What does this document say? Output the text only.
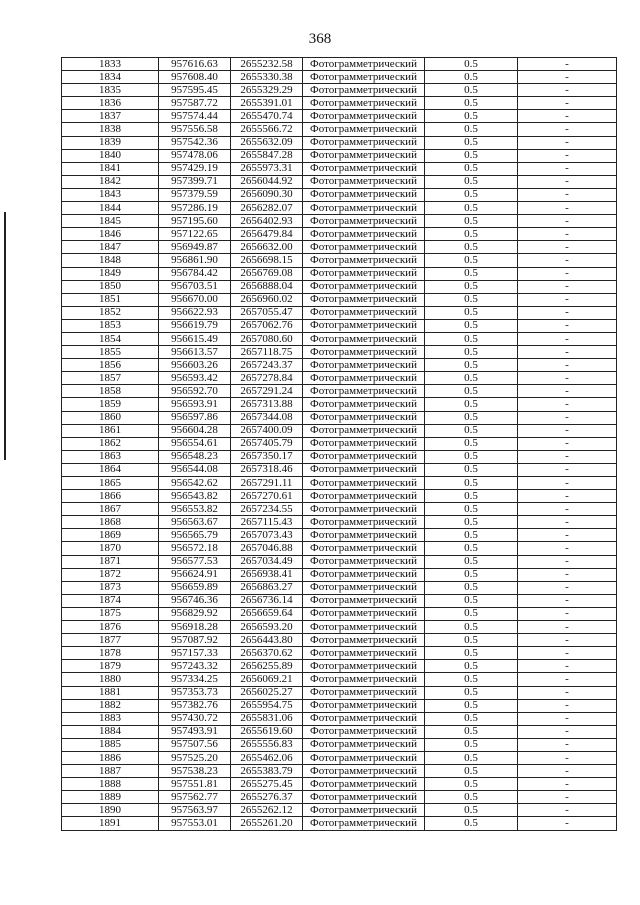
368
1833	957616.63	2655232.58	Фотограмметрический	0.5	-
1834	957608.40	2655330.38	Фотограмметрический	0.5	-
1835	957595.45	2655329.29	Фотограмметрический	0.5	-
1836	957587.72	2655391.01	Фотограмметрический	0.5	-
1837	957574.44	2655470.74	Фотограмметрический	0.5	-
1838	957556.58	2655566.72	Фотограмметрический	0.5	-
1839	957542.36	2655632.09	Фотограмметрический	0.5	-
1840	957478.06	2655847.28	Фотограмметрический	0.5	-
1841	957429.19	2655973.31	Фотограмметрический	0.5	-
1842	957399.71	2656044.92	Фотограмметрический	0.5	-
1843	957379.59	2656090.30	Фотограмметрический	0.5	-
1844	957286.19	2656282.07	Фотограмметрический	0.5	-
1845	957195.60	2656402.93	Фотограмметрический	0.5	-
1846	957122.65	2656479.84	Фотограмметрический	0.5	-
1847	956949.87	2656632.00	Фотограмметрический	0.5	-
1848	956861.90	2656698.15	Фотограмметрический	0.5	-
1849	956784.42	2656769.08	Фотограмметрический	0.5	-
1850	956703.51	2656888.04	Фотограмметрический	0.5	-
1851	956670.00	2656960.02	Фотограмметрический	0.5	-
1852	956622.93	2657055.47	Фотограмметрический	0.5	-
1853	956619.79	2657062.76	Фотограмметрический	0.5	-
1854	956615.49	2657080.60	Фотограмметрический	0.5	-
1855	956613.57	2657118.75	Фотограмметрический	0.5	-
1856	956603.26	2657243.37	Фотограмметрический	0.5	-
1857	956593.42	2657278.84	Фотограмметрический	0.5	-
1858	956592.70	2657291.24	Фотограмметрический	0.5	-
1859	956593.91	2657313.88	Фотограмметрический	0.5	-
1860	956597.86	2657344.08	Фотограмметрический	0.5	-
1861	956604.28	2657400.09	Фотограмметрический	0.5	-
1862	956554.61	2657405.79	Фотограмметрический	0.5	-
1863	956548.23	2657350.17	Фотограмметрический	0.5	-
1864	956544.08	2657318.46	Фотограмметрический	0.5	-
1865	956542.62	2657291.11	Фотограмметрический	0.5	-
1866	956543.82	2657270.61	Фотограмметрический	0.5	-
1867	956553.82	2657234.55	Фотограмметрический	0.5	-
1868	956563.67	2657115.43	Фотограмметрический	0.5	-
1869	956565.79	2657073.43	Фотограмметрический	0.5	-
1870	956572.18	2657046.88	Фотограмметрический	0.5	-
1871	956577.53	2657034.49	Фотограмметрический	0.5	-
1872	956624.91	2656938.41	Фотограмметрический	0.5	-
1873	956659.89	2656863.27	Фотограмметрический	0.5	-
1874	956746.36	2656736.14	Фотограмметрический	0.5	-
1875	956829.92	2656659.64	Фотограмметрический	0.5	-
1876	956918.28	2656593.20	Фотограмметрический	0.5	-
1877	957087.92	2656443.80	Фотограмметрический	0.5	-
1878	957157.33	2656370.62	Фотограмметрический	0.5	-
1879	957243.32	2656255.89	Фотограмметрический	0.5	-
1880	957334.25	2656069.21	Фотограмметрический	0.5	-
1881	957353.73	2656025.27	Фотограмметрический	0.5	-
1882	957382.76	2655954.75	Фотограмметрический	0.5	-
1883	957430.72	2655831.06	Фотограмметрический	0.5	-
1884	957493.91	2655619.60	Фотограмметрический	0.5	-
1885	957507.56	2655556.83	Фотограмметрический	0.5	-
1886	957525.20	2655462.06	Фотограмметрический	0.5	-
1887	957538.23	2655383.79	Фотограмметрический	0.5	-
1888	957551.81	2655275.45	Фотограмметрический	0.5	-
1889	957562.77	2655276.37	Фотограмметрический	0.5	-
1890	957563.97	2655262.12	Фотограмметрический	0.5	-
1891	957553.01	2655261.20	Фотограмметрический	0.5	-
